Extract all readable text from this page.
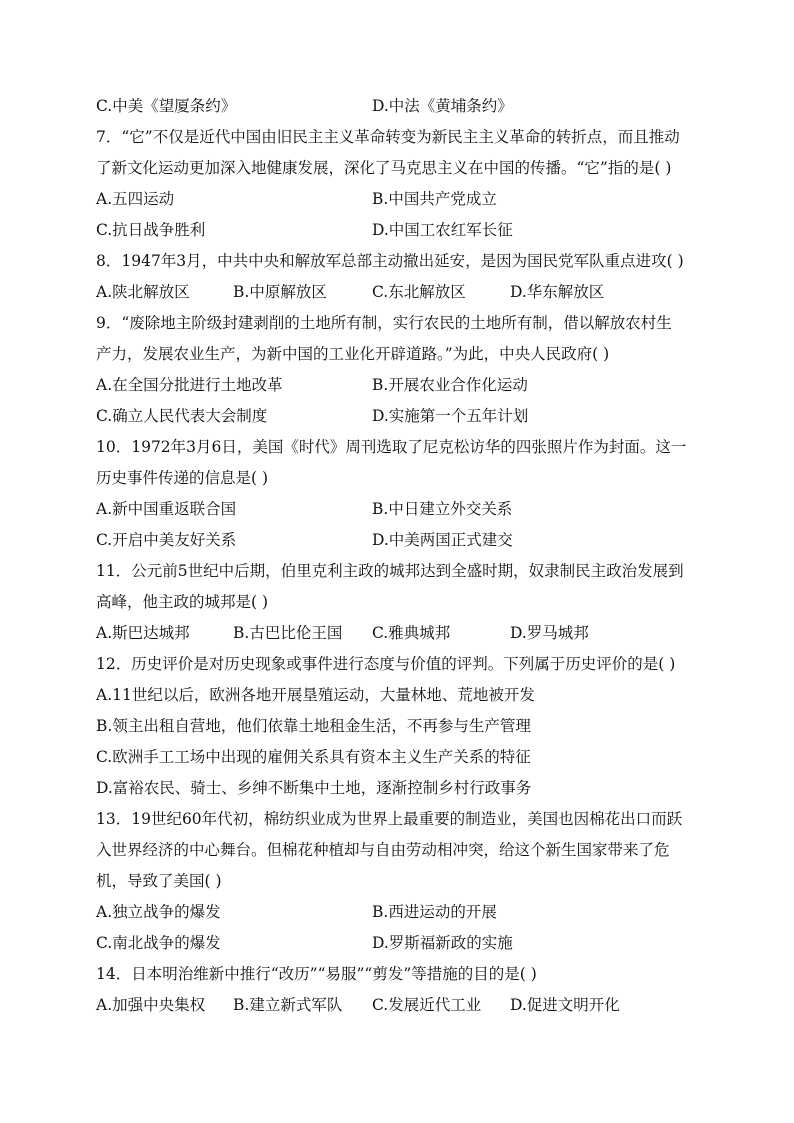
C.中美《望厦条约》	D.中法《黄埔条约》
7．“它”不仅是近代中国由旧民主主义革命转变为新民主主义革命的转折点，而且推动
了新文化运动更加深入地健康发展，深化了马克思主义在中国的传播。“它”指的是( )
A.五四运动	B.中国共产党成立
C.抗日战争胜利	D.中国工农红军长征
8．1947年3月，中共中央和解放军总部主动撤出延安，是因为国民党军队重点进攻( )
A.陕北解放区	B.中原解放区	C.东北解放区	D.华东解放区
9．“废除地主阶级封建剥削的土地所有制，实行农民的土地所有制，借以解放农村生
产力，发展农业生产，为新中国的工业化开辟道路。”为此，中央人民政府( )
A.在全国分批进行土地改革	B.开展农业合作化运动
C.确立人民代表大会制度	D.实施第一个五年计划
10．1972年3月6日，美国《时代》周刊选取了尼克松访华的四张照片作为封面。这一
历史事件传递的信息是( )
A.新中国重返联合国	B.中日建立外交关系
C.开启中美友好关系	D.中美两国正式建交
11．公元前5世纪中后期，伯里克利主政的城邦达到全盛时期，奴隶制民主政治发展到
高峰，他主政的城邦是( )
A.斯巴达城邦	B.古巴比伦王国 C.雅典城邦	D.罗马城邦
12．历史评价是对历史现象或事件进行态度与价值的评判。下列属于历史评价的是( )
A.11世纪以后，欧洲各地开展垦殖运动，大量林地、荒地被开发
B.领主出租自营地，他们依靠土地租金生活，不再参与生产管理
C.欧洲手工工场中出现的雇佣关系具有资本主义生产关系的特征
D.富裕农民、骑士、乡绅不断集中土地，逐渐控制乡村行政事务
13．19世纪60年代初，棉纺织业成为世界上最重要的制造业，美国也因棉花出口而跃
入世界经济的中心舞台。但棉花种植却与自由劳动相冲突，给这个新生国家带来了危
机，导致了美国( )
A.独立战争的爆发	B.西进运动的开展
C.南北战争的爆发	D.罗斯福新政的实施
14．日本明治维新中推行“改历”“易服”“剪发”等措施的目的是( )
A.加强中央集权 B.建立新式军队 C.发展近代工业 D.促进文明开化
